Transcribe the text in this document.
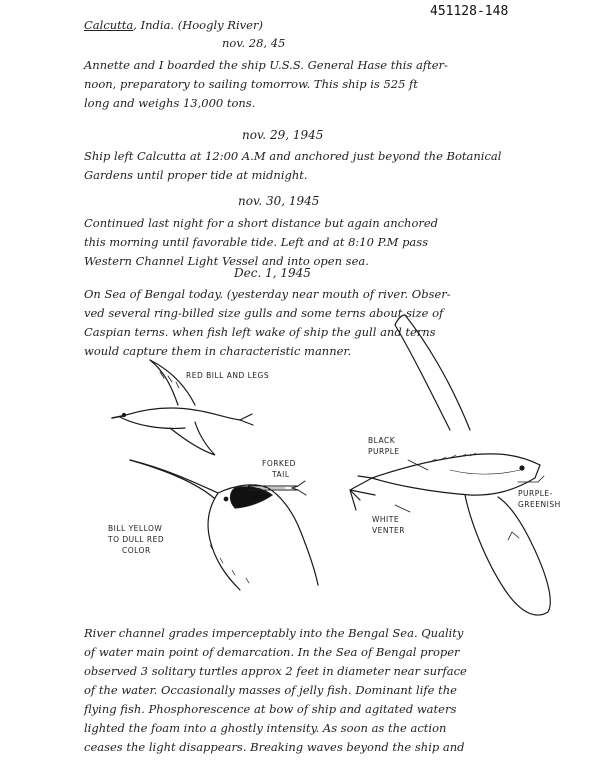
451128-148
Calcutta, India. (Hoogly River)
nov. 28, 45
Annette and I boarded the ship U.S.S. General Hase this after-
noon, preparatory to sailing tomorrow. This ship is 525 ft
long and weighs 13,000 tons.
nov. 29, 1945
Ship left Calcutta at 12:00 A.M and anchored just beyond the Botanical
Gardens until proper tide at midnight.
nov. 30, 1945
Continued last night for a short distance but again anchored
this morning until favorable tide. Left and at 8:10 P.M pass
Western Channel Light Vessel and into open sea.
Dec. 1, 1945
On Sea of Bengal today. (yesterday near mouth of river. Obser-
ved several ring-billed size gulls and some terns about size of
Caspian terns. when fish left wake of ship the gull and terns
would capture them in characteristic manner.
RED BILL AND LEGS
FORKED
TAIL
BILL YELLOW
TO DULL RED
COLOR
BLACK
PURPLE
PURPLE-
GREENISH
WHITE
VENTER
River channel grades imperceptably into the Bengal Sea. Quality
of water main point of demarcation. In the Sea of Bengal proper
observed 3 solitary turtles approx 2 feet in diameter near surface
of the water. Occasionally masses of jelly fish. Dominant life the
flying fish. Phosphorescence at bow of ship and agitated waters
lighted the foam into a ghostly intensity. As soon as the action
ceases the light disappears. Breaking waves beyond the ship and
